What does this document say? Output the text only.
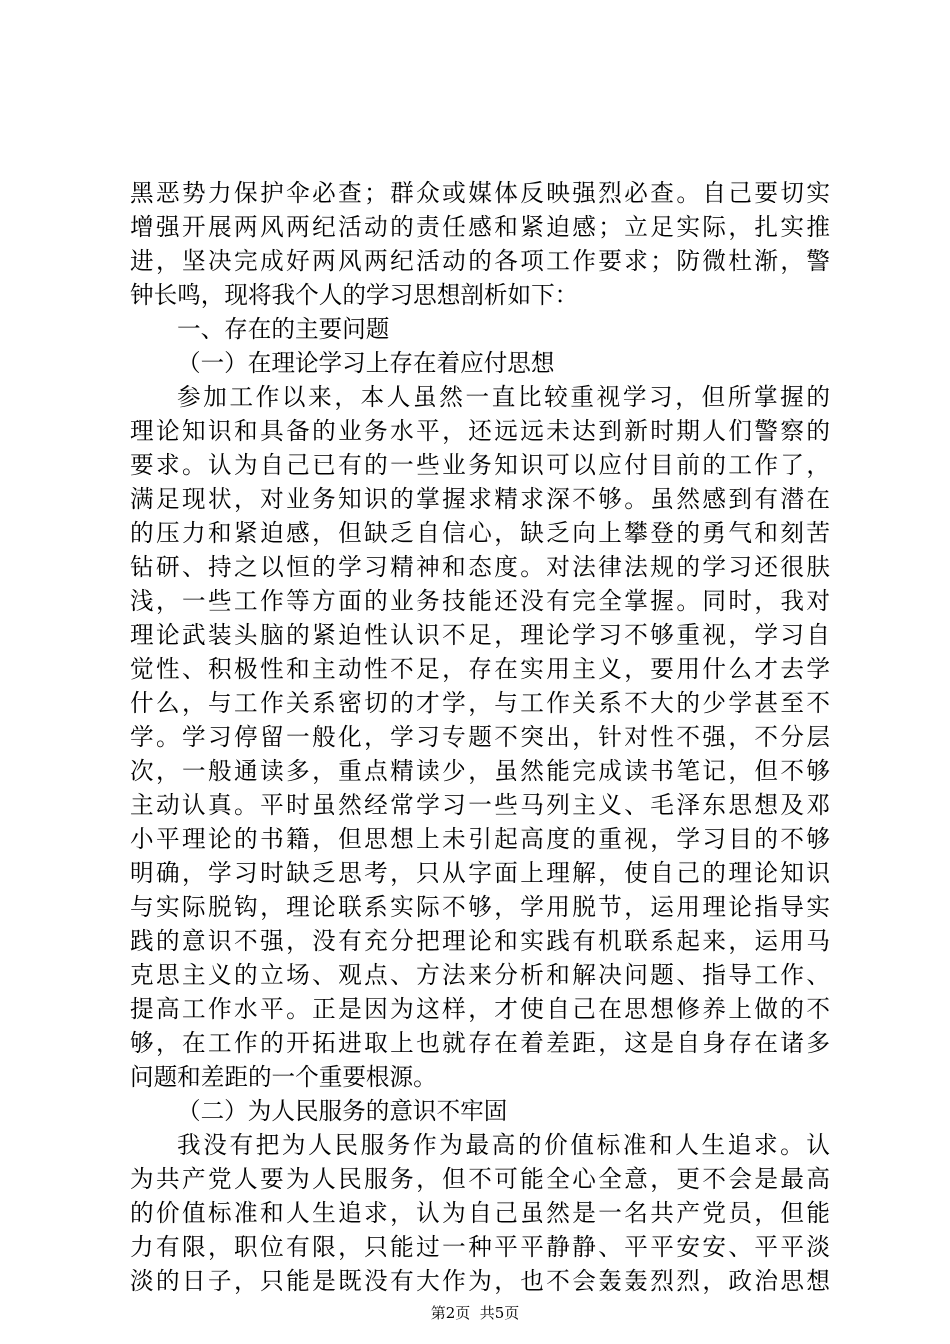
黑恶势力保护伞必查；群众或媒体反映强烈必查。自己要切实
增强开展两风两纪活动的责任感和紧迫感；立足实际，扎实推
进，坚决完成好两风两纪活动的各项工作要求；防微杜渐，警
钟长鸣，现将我个人的学习思想剖析如下：
一、存在的主要问题
（一）在理论学习上存在着应付思想
参加工作以来，本人虽然一直比较重视学习，但所掌握的
理论知识和具备的业务水平，还远远未达到新时期人们警察的
要求。认为自己已有的一些业务知识可以应付目前的工作了，
满足现状，对业务知识的掌握求精求深不够。虽然感到有潜在
的压力和紧迫感，但缺乏自信心，缺乏向上攀登的勇气和刻苦
钻研、持之以恒的学习精神和态度。对法律法规的学习还很肤
浅，一些工作等方面的业务技能还没有完全掌握。同时，我对
理论武装头脑的紧迫性认识不足，理论学习不够重视，学习自
觉性、积极性和主动性不足，存在实用主义，要用什么才去学
什么，与工作关系密切的才学，与工作关系不大的少学甚至不
学。学习停留一般化，学习专题不突出，针对性不强，不分层
次，一般通读多，重点精读少，虽然能完成读书笔记，但不够
主动认真。平时虽然经常学习一些马列主义、毛泽东思想及邓
小平理论的书籍，但思想上未引起高度的重视，学习目的不够
明确，学习时缺乏思考，只从字面上理解，使自己的理论知识
与实际脱钩，理论联系实际不够，学用脱节，运用理论指导实
践的意识不强，没有充分把理论和实践有机联系起来，运用马
克思主义的立场、观点、方法来分析和解决问题、指导工作、
提高工作水平。正是因为这样，才使自己在思想修养上做的不
够，在工作的开拓进取上也就存在着差距，这是自身存在诸多
问题和差距的一个重要根源。
（二）为人民服务的意识不牢固
我没有把为人民服务作为最高的价值标准和人生追求。认
为共产党人要为人民服务，但不可能全心全意，更不会是最高
的价值标准和人生追求，认为自己虽然是一名共产党员，但能
力有限，职位有限，只能过一种平平静静、平平安安、平平淡
淡的日子，只能是既没有大作为，也不会轰轰烈烈，政治思想
第2页  共5页
